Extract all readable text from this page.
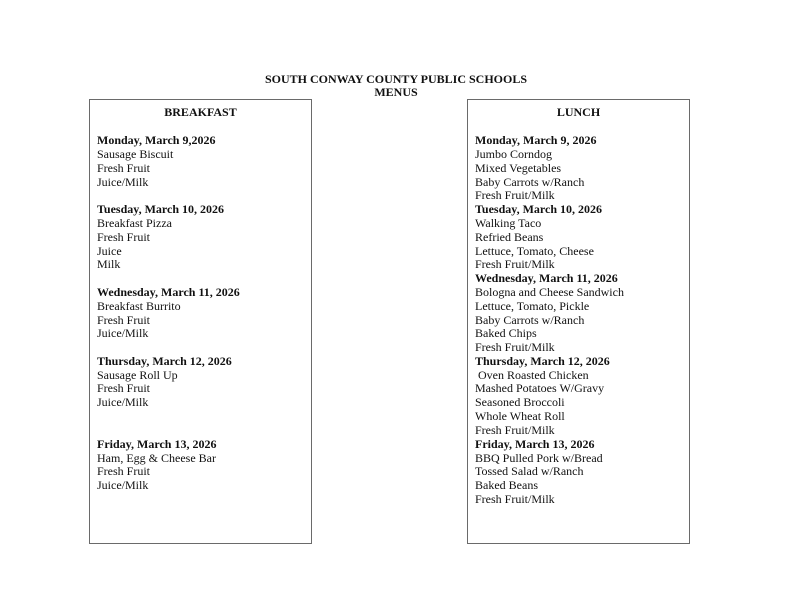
SOUTH CONWAY COUNTY PUBLIC SCHOOLS
MENUS
BREAKFAST
Monday, March 9,2026
Sausage Biscuit
Fresh Fruit
Juice/Milk
Tuesday, March 10, 2026
Breakfast Pizza
Fresh Fruit
Juice
Milk
Wednesday, March 11, 2026
Breakfast Burrito
Fresh Fruit
Juice/Milk
Thursday, March 12, 2026
Sausage Roll Up
Fresh Fruit
Juice/Milk
Friday, March 13, 2026
Ham, Egg & Cheese Bar
Fresh Fruit
Juice/Milk
LUNCH
Monday, March 9, 2026
Jumbo Corndog
Mixed Vegetables
Baby Carrots w/Ranch
Fresh Fruit/Milk
Tuesday, March 10, 2026
Walking Taco
Refried Beans
Lettuce, Tomato, Cheese
Fresh Fruit/Milk
Wednesday, March 11, 2026
Bologna and Cheese Sandwich
Lettuce, Tomato, Pickle
Baby Carrots w/Ranch
Baked Chips
Fresh Fruit/Milk
Thursday, March 12, 2026
Oven Roasted Chicken
Mashed Potatoes W/Gravy
Seasoned Broccoli
Whole Wheat Roll
Fresh Fruit/Milk
Friday, March 13, 2026
BBQ Pulled Pork w/Bread
Tossed Salad w/Ranch
Baked Beans
Fresh Fruit/Milk
